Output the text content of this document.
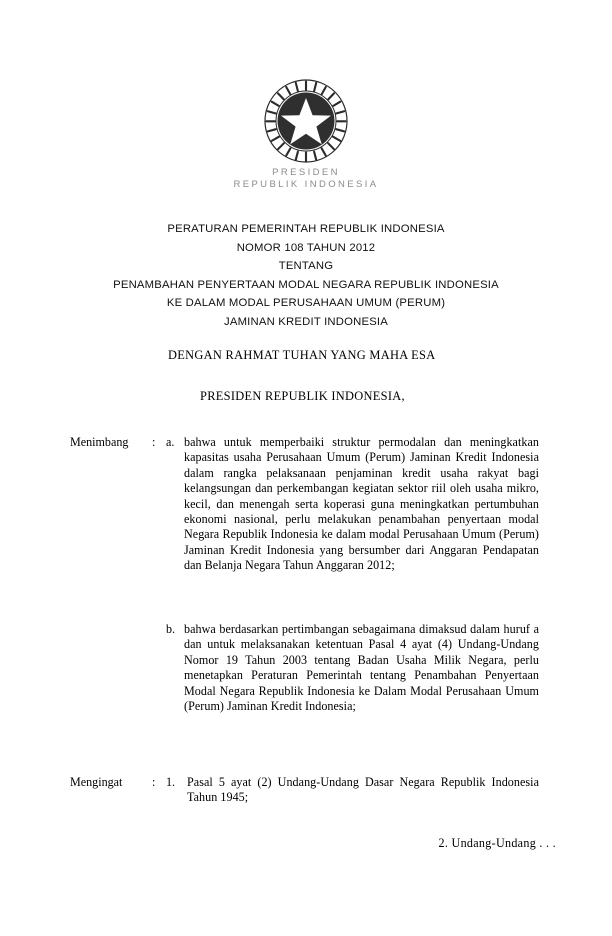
PRESIDEN
REPUBLIK INDONESIA
PERATURAN PEMERINTAH REPUBLIK INDONESIA
NOMOR 108 TAHUN 2012
TENTANG
PENAMBAHAN PENYERTAAN MODAL NEGARA REPUBLIK INDONESIA
KE DALAM MODAL PERUSAHAAN UMUM (PERUM)
JAMINAN KREDIT INDONESIA
DENGAN RAHMAT TUHAN YANG MAHA ESA
PRESIDEN REPUBLIK INDONESIA,
Menimbang	: a. bahwa untuk memperbaiki struktur permodalan dan meningkatkan kapasitas usaha Perusahaan Umum (Perum) Jaminan Kredit Indonesia dalam rangka pelaksanaan penjaminan kredit usaha rakyat bagi kelangsungan dan perkembangan kegiatan sektor riil oleh usaha mikro, kecil, dan menengah serta koperasi guna meningkatkan pertumbuhan ekonomi nasional, perlu melakukan penambahan penyertaan modal Negara Republik Indonesia ke dalam modal Perusahaan Umum (Perum) Jaminan Kredit Indonesia yang bersumber dari Anggaran Pendapatan dan Belanja Negara Tahun Anggaran 2012;
b. bahwa berdasarkan pertimbangan sebagaimana dimaksud dalam huruf a dan untuk melaksanakan ketentuan Pasal 4 ayat (4) Undang-Undang Nomor 19 Tahun 2003 tentang Badan Usaha Milik Negara, perlu menetapkan Peraturan Pemerintah tentang Penambahan Penyertaan Modal Negara Republik Indonesia ke Dalam Modal Perusahaan Umum (Perum) Jaminan Kredit Indonesia;
Mengingat	: 1. Pasal 5 ayat (2) Undang-Undang Dasar Negara Republik Indonesia Tahun 1945;
2. Undang-Undang . . .
